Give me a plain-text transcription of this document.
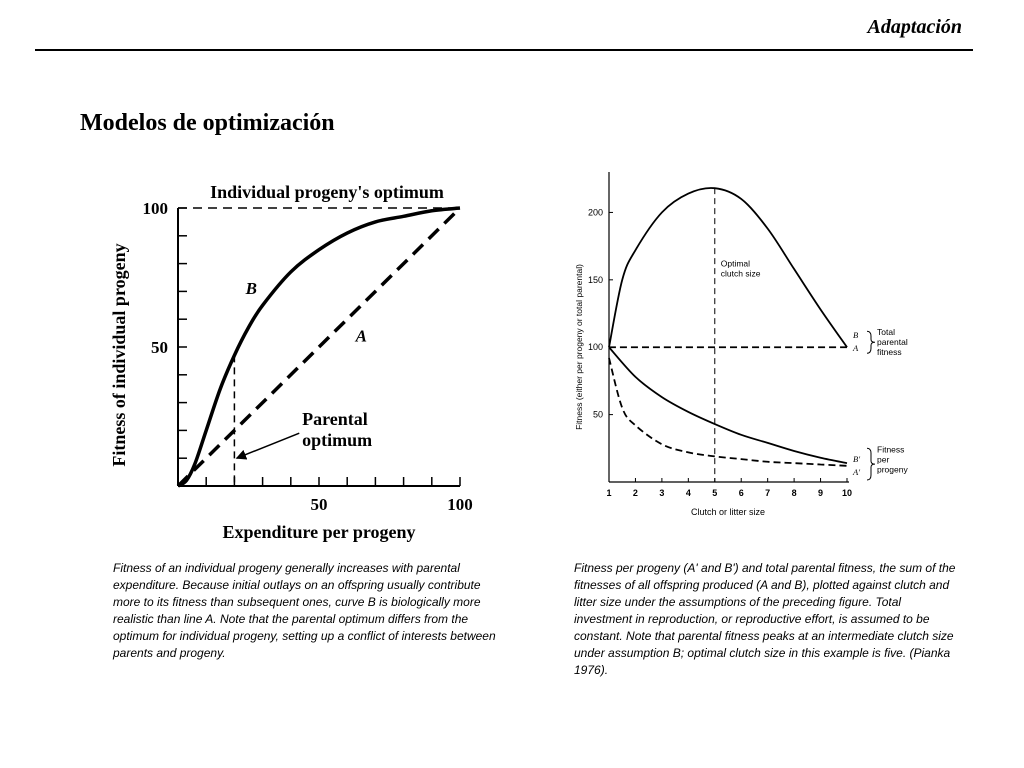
Adaptación
Modelos de optimización
50
100
50	100
Individual progeny's optimum
A
B
Parental optimum
Expenditure per progeny
Fitness of individual progeny	50
100
150
200
1 2 3 4 5 6 7 8 9 10
Optimal clutch size
B
A
B'
A'
Total parental fitness
Fitness per progeny
Clutch or litter size
Fitness (either per progeny or total parental)
Fitness of an individual progeny generally increases with parental expenditure. Because initial outlays on an offspring usually contribute more to its fitness than subsequent ones, curve B is biologically more realistic than line A. Note that the parental optimum differs from the optimum for individual progeny, setting up a conflict of interests between parents and progeny.
Fitness per progeny (A' and B') and total parental fitness, the sum of the fitnesses of all offspring produced (A and B), plotted against clutch and litter size under the assumptions of the preceding figure. Total investment in reproduction, or reproductive effort, is assumed to be constant. Note that parental fitness peaks at an intermediate clutch size under assumption B; optimal clutch size in this example is five. (Pianka 1976).
